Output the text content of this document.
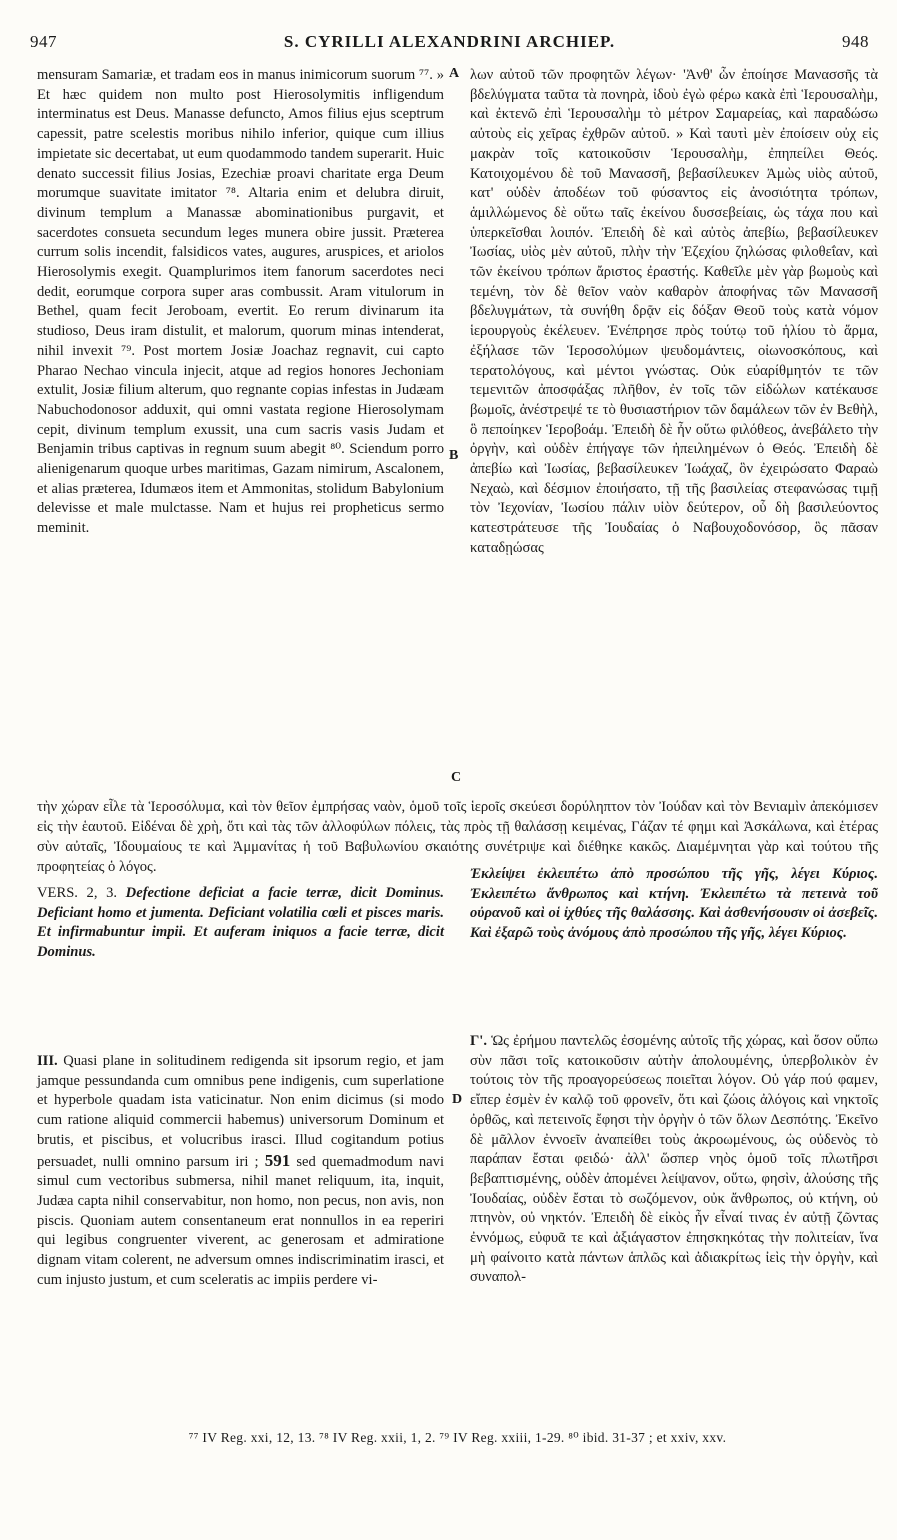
947	S. CYRILLI ALEXANDRINI ARCHIEP.	948
A
B
C
D

mensuram Samariæ, et tradam eos in manus inimicorum suorum ⁷⁷. » Et hæc quidem non multo post Hierosolymitis infligendum interminatus est Deus. Manasse defuncto, Amos filius ejus sceptrum capessit, patre scelestis moribus nihilo inferior, quique cum illius impietate sic decertabat, ut eum quodammodo tandem superarit. Huic denato successit filius Josias, Ezechiæ proavi charitate erga Deum morumque suavitate imitator ⁷⁸. Altaria enim et delubra diruit, divinum templum a Manassæ abominationibus purgavit, et sacerdotes consueta secundum leges munera obire jussit. Præterea currum solis incendit, falsidicos vates, augures, aruspices, et ariolos Hierosolymis exegit. Quamplurimos item fanorum sacerdotes neci dedit, eorumque corpora super aras combussit. Aram vitulorum in Bethel, quam fecit Jeroboam, evertit. Eo rerum divinarum ita studioso, Deus iram distulit, et malorum, quorum minas intenderat, nihil invexit ⁷⁹. Post mortem Josiæ Joachaz regnavit, cui capto Pharao Nechao vincula injecit, atque ad regios honores Jechoniam extulit, Josiæ filium alterum, quo regnante copias infestas in Judæam Nabuchodonosor adduxit, qui omni vastata regione Hierosolymam cepit, divinum templum exussit, una cum sacris vasis Judam et Benjamin tribus captivas in regnum suum abegit ⁸⁰. Sciendum porro alienigenarum quoque urbes maritimas, Gazam nimirum, Ascalonem, et alias præterea, Idumæos item et Ammonitas, stolidum Babylonium delevisse et male mulctasse. Nam et hujus rei propheticus sermo meminit.

λων αὐτοῦ τῶν προφητῶν λέγων· 'Ἀνθ' ὧν ἐποίησε Μανασσῆς τὰ βδελύγματα ταῦτα τὰ πονηρὰ, ἰδοὺ ἐγὼ φέρω κακὰ ἐπὶ Ἱερουσαλὴμ, καὶ ἐκτενῶ ἐπὶ Ἱερουσαλὴμ τὸ μέτρον Σαμαρείας, καὶ παραδώσω αὐτοὺς εἰς χεῖρας ἐχθρῶν αὐτοῦ. » Καὶ ταυτὶ μὲν ἐποίσειν οὐχ εἰς μακρὰν τοῖς κατοικοῦσιν Ἱερουσαλὴμ, ἐπηπείλει Θεός. Κατοιχομένου δὲ τοῦ Μανασσῆ, βεβασίλευκεν Ἀμὼς υἱὸς αὐτοῦ, κατ' οὐδὲν ἀποδέων τοῦ φύσαντος εἰς ἀνοσιότητα τρόπων, ἁμιλλώμενος δὲ οὕτω ταῖς ἐκείνου δυσσεβείαις, ὡς τάχα που καὶ ὑπερκεῖσθαι λοιπόν. Ἐπειδὴ δὲ καὶ αὐτὸς ἀπεβίω, βεβασίλευκεν Ἰωσίας, υἱὸς μὲν αὐτοῦ, πλὴν τὴν Ἐζεχίου ζηλώσας φιλοθεΐαν, καὶ τῶν ἐκείνου τρόπων ἄριστος ἐραστής. Καθεῖλε μὲν γὰρ βωμοὺς καὶ τεμένη, τὸν δὲ θεῖον ναὸν καθαρὸν ἀποφήνας τῶν Μανασσῆ βδελυγμάτων, τὰ συνήθη δρᾷν εἰς δόξαν Θεοῦ τοὺς κατὰ νόμον ἱερουργοὺς ἐκέλευεν. Ἐνέπρησε πρὸς τούτῳ τοῦ ἡλίου τὸ ἅρμα, ἐξήλασε τῶν Ἱεροσολύμων ψευδομάντεις, οἰωνοσκόπους, καὶ τερατολόγους, καὶ μέντοι γνώστας. Οὐκ εὐαρίθμητόν τε τῶν τεμενιτῶν ἀποσφάξας πλῆθον, ἐν τοῖς τῶν εἰδώλων κατέκαυσε βωμοῖς, ἀνέστρεψέ τε τὸ θυσιαστήριον τῶν δαμάλεων τῶν ἐν Βεθὴλ, ὃ πεποίηκεν Ἱεροβοάμ. Ἐπειδὴ δὲ ἦν οὕτω φιλόθεος, ἀνεβάλετο τὴν ὀργὴν, καὶ οὐδὲν ἐπήγαγε τῶν ἠπειλημένων ὁ Θεός. Ἐπειδὴ δὲ ἀπεβίω καὶ Ἰωσίας, βεβασίλευκεν Ἰωάχαζ, ὃν ἐχειρώσατο Φαραὼ Νεχαὼ, καὶ δέσμιον ἐποιήσατο, τῇ τῆς βασιλείας στεφανώσας τιμῇ τὸν Ἰεχονίαν, Ἰωσίου πάλιν υἱὸν δεύτερον, οὗ δὴ βασιλεύοντος κατεστράτευσε τῆς Ἰουδαίας ὁ Ναβουχοδονόσορ, ὃς πᾶσαν καταδῃώσας

τὴν χώραν εἷλε τὰ Ἱεροσόλυμα, καὶ τὸν θεῖον ἐμπρήσας ναὸν, ὁμοῦ τοῖς ἱεροῖς σκεύεσι δορύληπτον τὸν Ἰούδαν καὶ τὸν Βενιαμὶν ἀπεκόμισεν εἰς τὴν ἑαυτοῦ. Εἰδέναι δὲ χρὴ, ὅτι καὶ τὰς τῶν ἀλλοφύλων πόλεις, τὰς πρὸς τῇ θαλάσσῃ κειμένας, Γάζαν τέ φημι καὶ Ἀσκάλωνα, καὶ ἑτέρας σὺν αὐταῖς, Ἰδουμαίους τε καὶ Ἀμμανίτας ἡ τοῦ Βαβυλωνίου σκαιότης συνέτριψε καὶ διέθηκε κακῶς. Διαμέμνηται γὰρ καὶ τούτου τῆς προφητείας ὁ λόγος.

VERS. 2, 3. Defectione deficiat a facie terræ, dicit Dominus. Deficiant homo et jumenta. Deficiant volatilia cœli et pisces maris. Et infirmabuntur impii. Et auferam iniquos a facie terræ, dicit Dominus.

Ἐκλείψει ἐκλειπέτω ἀπὸ προσώπου τῆς γῆς, λέγει Κύριος. Ἐκλειπέτω ἄνθρωπος καὶ κτήνη. Ἐκλειπέτω τὰ πετεινὰ τοῦ οὐρανοῦ καὶ οἱ ἰχθύες τῆς θαλάσσης. Καὶ ἀσθενήσουσιν οἱ ἀσεβεῖς. Καὶ ἐξαρῶ τοὺς ἀνόμους ἀπὸ προσώπου τῆς γῆς, λέγει Κύριος.

III. Quasi plane in solitudinem redigenda sit ipsorum regio, et jam jamque pessundanda cum omnibus pene indigenis, cum superlatione et hyperbole quadam ista vaticinatur. Non enim dicimus (si modo cum ratione aliquid commercii habemus) universorum Dominum et brutis, et piscibus, et volucribus irasci. Illud cogitandum potius persuadet, nulli omnino parsum iri ; 591 sed quemadmodum navi simul cum vectoribus submersa, nihil manet reliquum, ita, inquit, Judæa capta nihil conservabitur, non homo, non pecus, non avis, non piscis. Quoniam autem consentaneum erat nonnullos in ea reperiri qui legibus congruenter viverent, ac generosam et admiratione dignam vitam colerent, ne adversum omnes indiscriminatim irasci, et cum injusto justum, et cum sceleratis ac impiis perdere vi-

Γ'. Ὡς ἐρήμου παντελῶς ἐσομένης αὐτοῖς τῆς χώρας, καὶ ὅσον οὔπω σὺν πᾶσι τοῖς κατοικοῦσιν αὐτὴν ἀπολουμένης, ὑπερβολικὸν ἐν τούτοις τὸν τῆς προαγορεύσεως ποιεῖται λόγον. Οὐ γάρ πού φαμεν, εἴπερ ἐσμὲν ἐν καλῷ τοῦ φρονεῖν, ὅτι καὶ ζώοις ἀλόγοις καὶ νηκτοῖς ὀρθῶς, καὶ πετεινοῖς ἔφησι τὴν ὀργὴν ὁ τῶν ὅλων Δεσπότης. Ἐκεῖνο δὲ μᾶλλον ἐννοεῖν ἀναπείθει τοὺς ἀκροωμένους, ὡς οὐδενὸς τὸ παράπαν ἔσται φειδώ· ἀλλ' ὥσπερ νηὸς ὁμοῦ τοῖς πλωτῆρσι βεβαπτισμένης, οὐδὲν ἀπομένει λείψανον, οὕτω, φησὶν, ἁλούσης τῆς Ἰουδαίας, οὐδὲν ἔσται τὸ σωζόμενον, οὐκ ἄνθρωπος, οὐ κτήνη, οὐ πτηνὸν, οὐ νηκτόν. Ἐπειδὴ δὲ εἰκὸς ἦν εἶναί τινας ἐν αὐτῇ ζῶντας ἐννόμως, εὐφυᾶ τε καὶ ἀξιάγαστον ἐπησκηκότας τὴν πολιτείαν, ἵνα μὴ φαίνοιτο κατὰ πάντων ἁπλῶς καὶ ἀδιακρίτως ἰεὶς τὴν ὀργὴν, καὶ συναπολ-

⁷⁷ IV Reg. xxi, 12, 13. ⁷⁸ IV Reg. xxii, 1, 2. ⁷⁹ IV Reg. xxiii, 1-29. ⁸⁰ ibid. 31-37 ; et xxiv, xxv.
